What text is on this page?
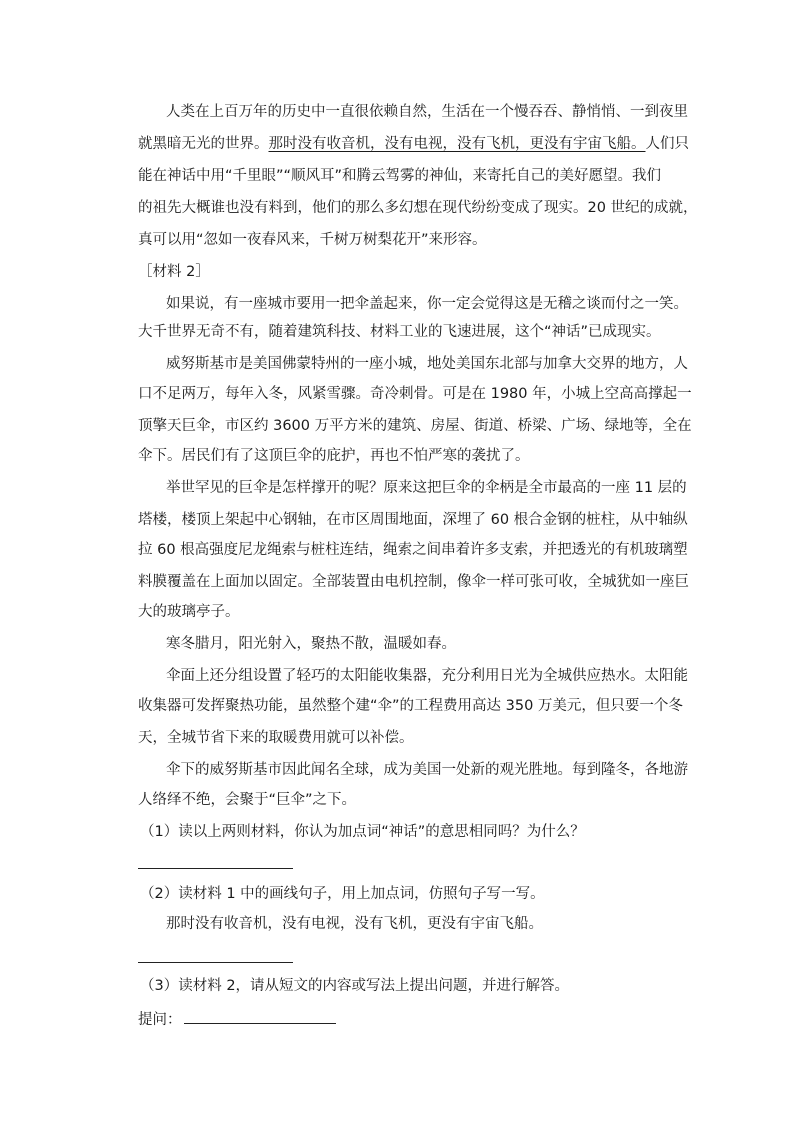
人类在上百万年的历史中一直很依赖自然，生活在一个慢吞吞、静悄悄、一到夜里
就黑暗无光的世界。那时没有收音机，没有电视，没有飞机，更没有宇宙飞船。人们只
能在神话中用“千里眼”“顺风耳”和腾云驾雾的神仙，来寄托自己的美好愿望。我们
的祖先大概谁也没有料到，他们的那么多幻想在现代纷纷变成了现实。20 世纪的成就，
真可以用“忽如一夜春风来，千树万树梨花开”来形容。
［材料 2］
如果说，有一座城市要用一把伞盖起来，你一定会觉得这是无稽之谈而付之一笑。
大千世界无奇不有，随着建筑科技、材料工业的飞速进展，这个“神话”已成现实。
威努斯基市是美国佛蒙特州的一座小城，地处美国东北部与加拿大交界的地方，人
口不足两万，每年入冬，风紧雪骤。奇冷刺骨。可是在 1980 年，小城上空高高撑起一
顶擎天巨伞，市区约 3600 万平方米的建筑、房屋、街道、桥梁、广场、绿地等，全在
伞下。居民们有了这顶巨伞的庇护，再也不怕严寒的袭扰了。
举世罕见的巨伞是怎样撑开的呢？原来这把巨伞的伞柄是全市最高的一座 11 层的
塔楼，楼顶上架起中心钢轴，在市区周围地面，深埋了 60 根合金钢的桩柱，从中轴纵
拉 60 根高强度尼龙绳索与桩柱连结，绳索之间串着许多支索，并把透光的有机玻璃塑
料膜覆盖在上面加以固定。全部装置由电机控制，像伞一样可张可收，全城犹如一座巨
大的玻璃亭子。
寒冬腊月，阳光射入，聚热不散，温暖如春。
伞面上还分组设置了轻巧的太阳能收集器，充分利用日光为全城供应热水。太阳能
收集器可发挥聚热功能，虽然整个建“伞”的工程费用高达 350 万美元，但只要一个冬
天，全城节省下来的取暖费用就可以补偿。
伞下的威努斯基市因此闻名全球，成为美国一处新的观光胜地。每到隆冬，各地游
人络绎不绝，会聚于“巨伞”之下。
（1）读以上两则材料，你认为加点词“神话”的意思相同吗？为什么？
（2）读材料 1 中的画线句子，用上加点词，仿照句子写一写。
那时没有收音机，没有电视，没有飞机，更没有宇宙飞船。
（3）读材料 2，请从短文的内容或写法上提出问题，并进行解答。
提问：
